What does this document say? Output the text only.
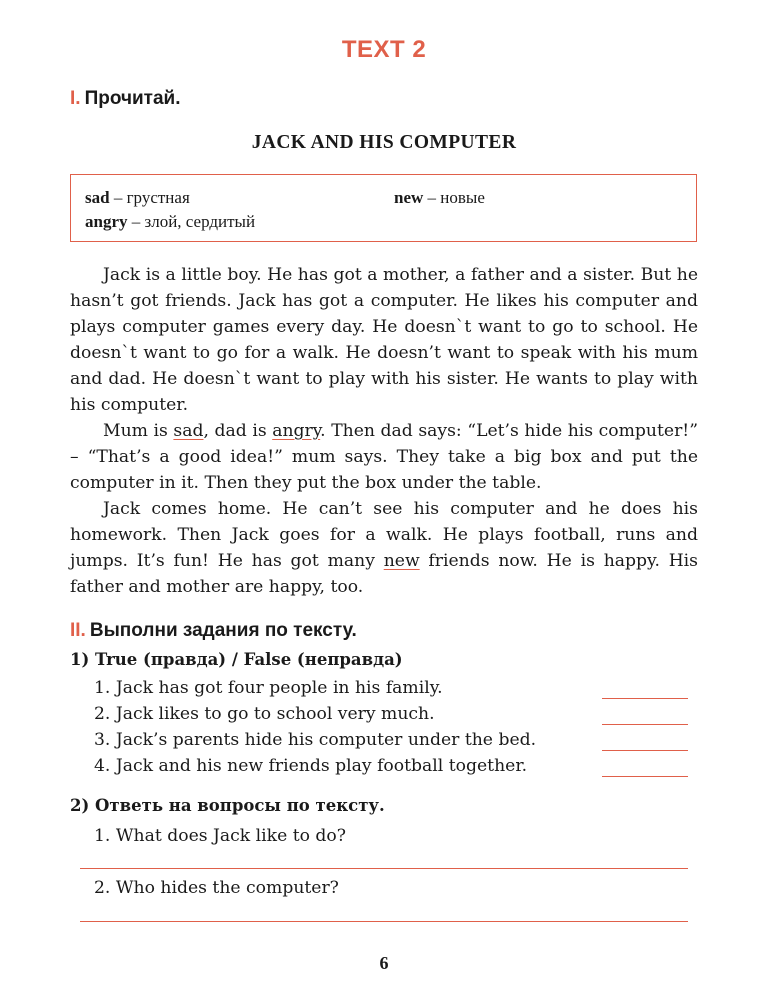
TEXT 2
I. Прочитай.
JACK AND HIS COMPUTER
sad – грустная	new – новые
angry – злой, сердитый

Jack is a little boy. He has got a mother, a father and a sister. But he hasn’t got friends. Jack has got a computer. He likes his computer and plays computer games every day. He doesn`t want to go to school. He doesn`t want to go for a walk. He doesn’t want to speak with his mum and dad. He doesn`t want to play with his sister. He wants to play with his computer.

Mum is sad, dad is angry. Then dad says: “Let’s hide his computer!” – “That’s a good idea!” mum says. They take a big box and put the computer in it. Then they put the box under the table.

Jack comes home. He can’t see his computer and he does his homework. Then Jack goes for a walk. He plays football, runs and jumps. It’s fun! He has got many new friends now. He is happy. His father and mother are happy, too.

II. Выполни задания по тексту.
1) True (правда) / False (неправда)
1. Jack has got four people in his family.
2. Jack likes to go to school very much.
3. Jack’s parents hide his computer under the bed.
4. Jack and his new friends play football together.
2) Ответь на вопросы по тексту.
1. What does Jack like to do?
2. Who hides the computer?
6
